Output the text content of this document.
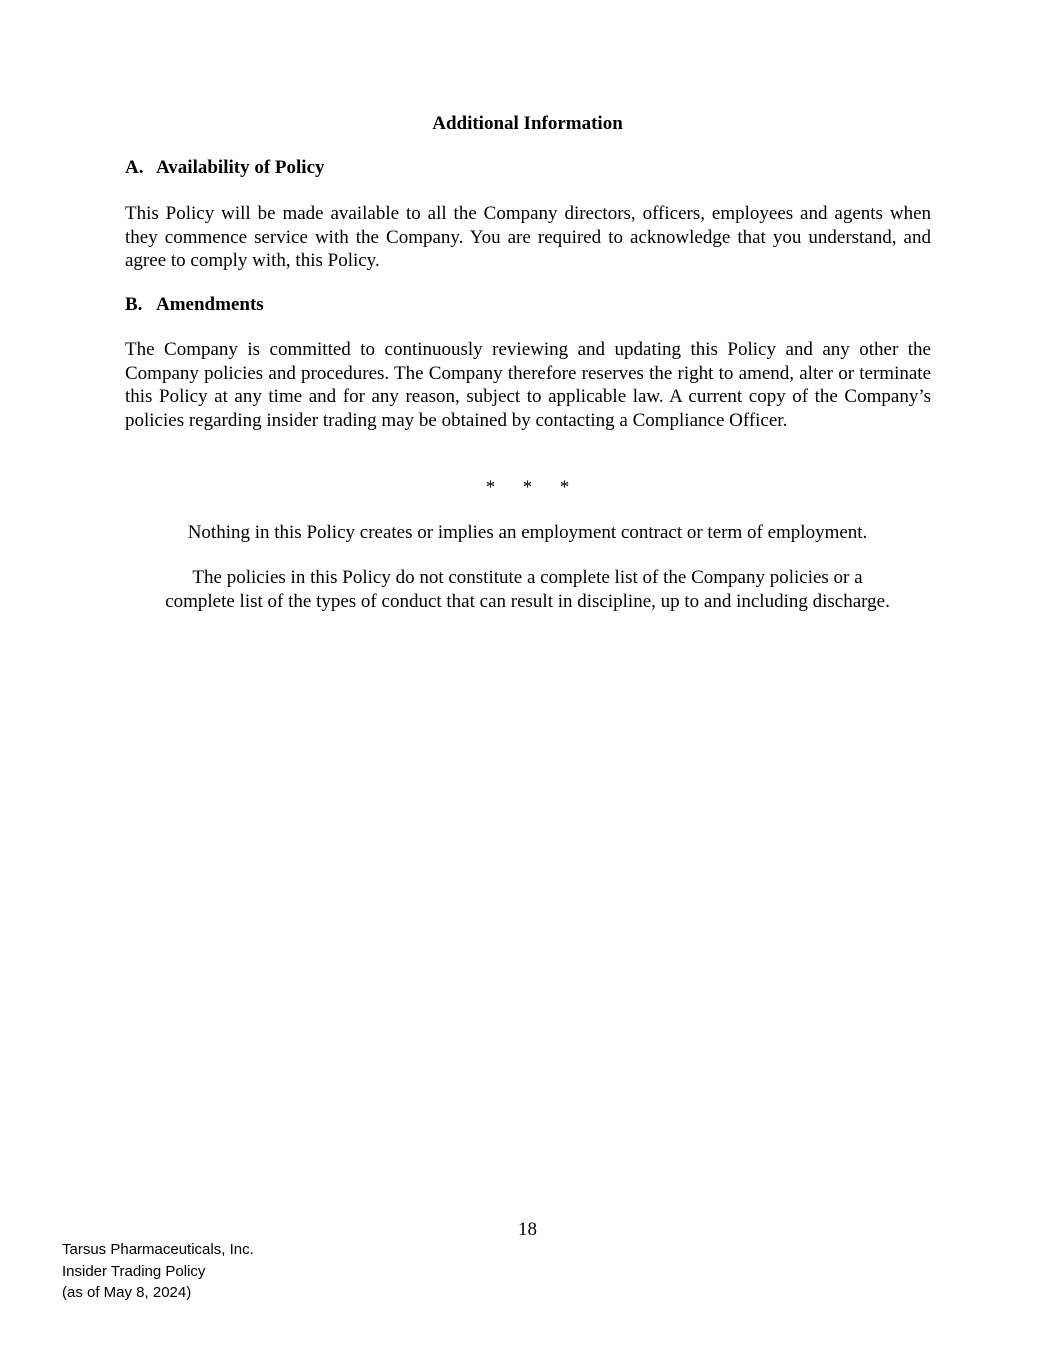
Additional Information
A. Availability of Policy

This Policy will be made available to all the Company directors, officers, employees and agents when they commence service with the Company. You are required to acknowledge that you understand, and agree to comply with, this Policy.

B. Amendments

The Company is committed to continuously reviewing and updating this Policy and any other the Company policies and procedures. The Company therefore reserves the right to amend, alter or terminate this Policy at any time and for any reason, subject to applicable law. A current copy of the Company’s policies regarding insider trading may be obtained by contacting a Compliance Officer.

* * *
Nothing in this Policy creates or implies an employment contract or term of employment.
The policies in this Policy do not constitute a complete list of the Company policies or a
complete list of the types of conduct that can result in discipline, up to and including discharge.
18
Tarsus Pharmaceuticals, Inc.
Insider Trading Policy
(as of May 8, 2024)
